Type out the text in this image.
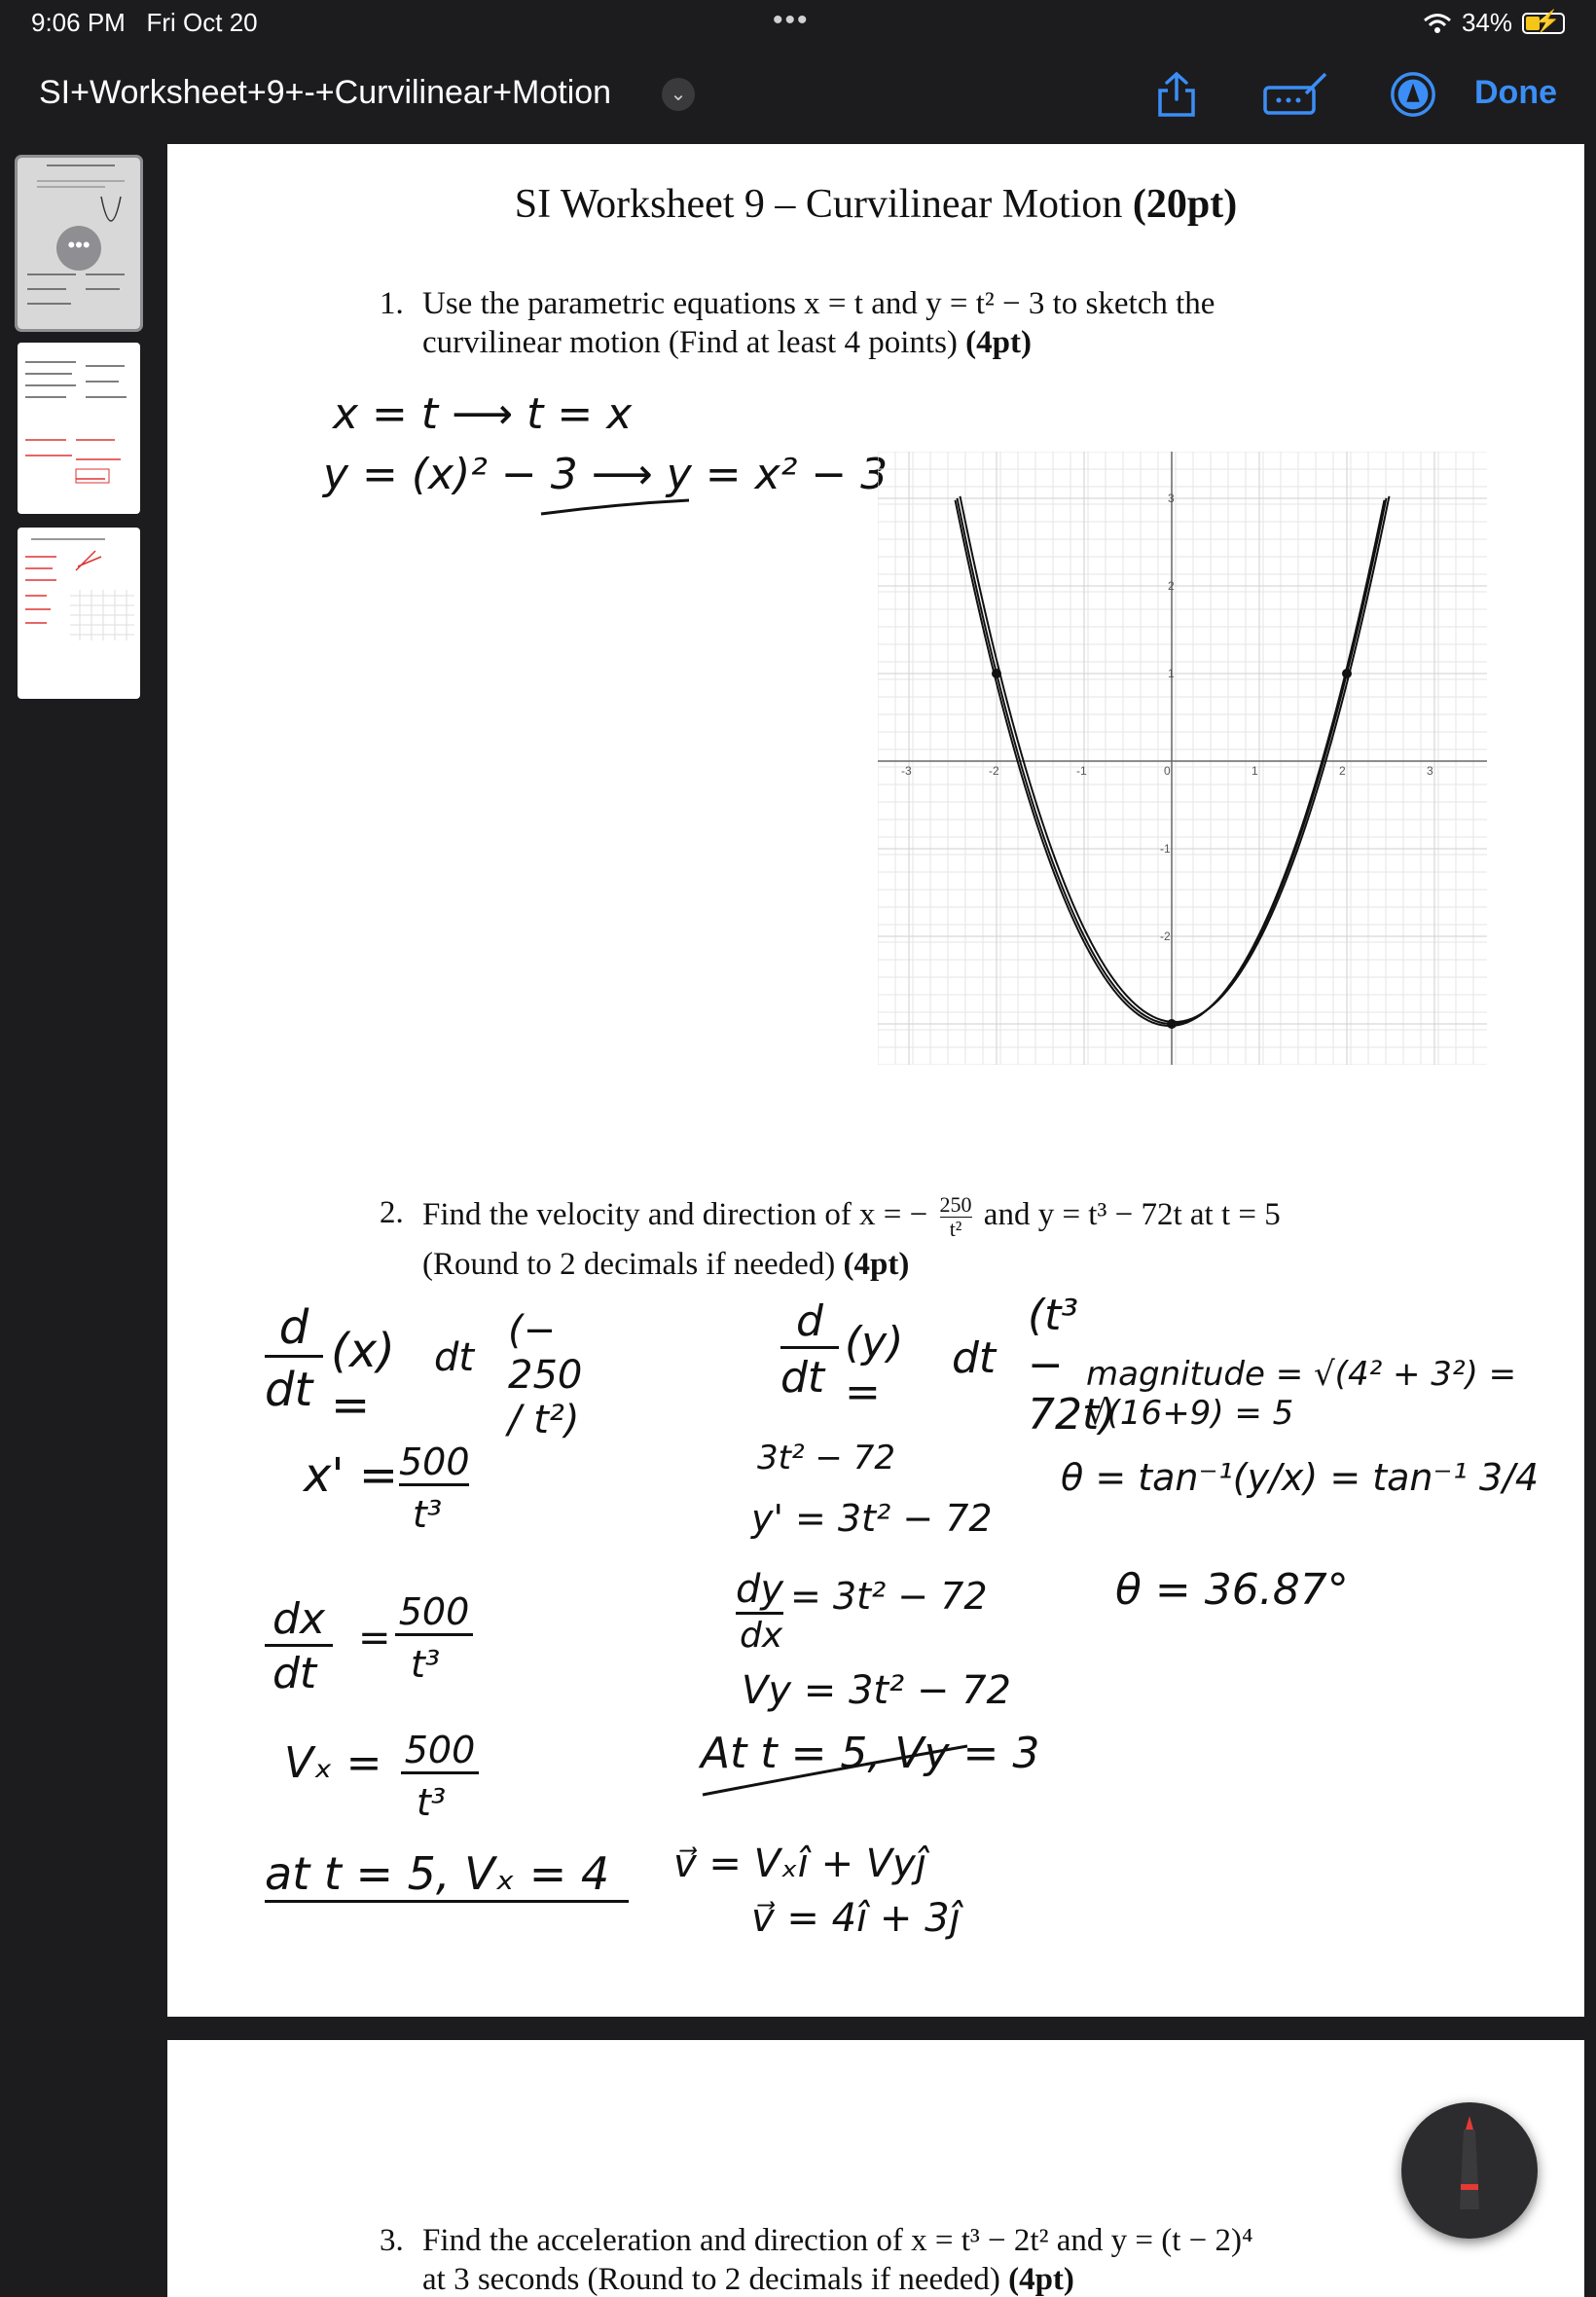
9:06 PM Fri Oct 20	•••	34% ⚡
SI+Worksheet+9+-+Curvilinear+Motion	⌄	Done
•••
SI Worksheet 9 – Curvilinear Motion (20pt)
1. Use the parametric equations x = t and y = t² − 3 to sketch the
curvilinear motion (Find at least 4 points) (4pt)
x = t ⟶ t = x
y = (x)² − 3 ⟶ y = x² − 3
-3	-2	-1	0	1	2	3
3
2
1
-1
-2
2. Find the velocity and direction of x = − $\frac{250}{\text{t²}}$ and y = t³ − 72t at t = 5
(Round to 2 decimals if needed) (4pt)
d
dt
(x) =
(− 250 / t²)
dt
x' = 500
t³
dx
dt
=
500
t³
Vₓ = 500
t³
at t = 5, Vₓ = 4
d
dt
(y) =
dt
(t³ − 72t)
3t² − 72
y' = 3t² − 72
dy
dx
= 3t² − 72
Vy = 3t² − 72
At t = 5, Vy = 3
v⃗ = Vₓî + Vyĵ
v⃗ = 4î + 3ĵ
magnitude = √(4² + 3²) = √(16+9) = 5
θ = tan⁻¹(y/x) = tan⁻¹ 3/4
θ = 36.87°
3. Find the acceleration and direction of x = t³ − 2t² and y = (t − 2)⁴
at 3 seconds (Round to 2 decimals if needed) (4pt)
